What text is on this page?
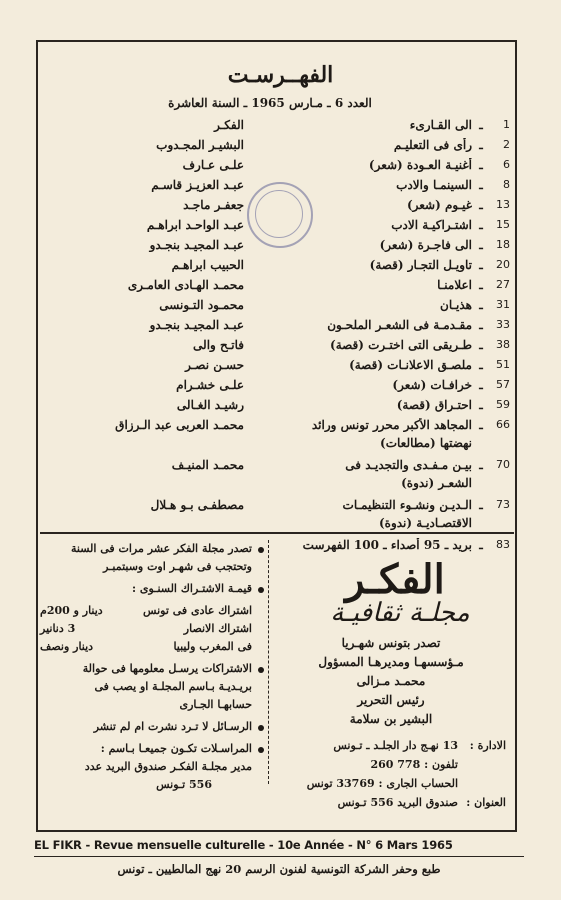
الفهــرسـت
العدد 6 ـ مـارس 1965 ـ السنة العاشرة
1
ـ
الى القـارىء
الفكـر
2
ـ
رأى فى التعليـم
البشيـر المجـدوب
6
ـ
أغنيـة العـودة (شعر)
علـى عـارف
8
ـ
السينمـا والادب
عبـد العزيـز قاسـم
13
ـ
غيـوم (شعر)
جعفـر ماجـد
15
ـ
اشتـراكيـة الادب
عبـد الواحـد ابراهـم
18
ـ
الى فاجـرة (شعر)
عبـد المجيـد بنجـدو
20
ـ
تاويـل التجـار (قصة)
الحبيب ابراهـم
27
ـ
اعلامنـا
محمـد الهـادى العامـرى
31
ـ
هذيـان
محمـود التـونسى
33
ـ
مقـدمـة فى الشعـر الملحـون
عبـد المجيـد بنجـدو
38
ـ
طـريقى التى اختـرت (قصة)
فاتـح والى
51
ـ
ملصـق الاعلانـات (قصة)
حسـن نصـر
57
ـ
خرافـات (شعر)
علـى خشـرام
59
ـ
احتـراق (قصة)
رشيـد الغـالى
66
ـ
المجاهد الأكبر محرر تونس ورائد
نهضتها (مطالعات)
محمـد العربى عبد الـرزاق
70
ـ
بيـن مـفـدى والتجديـد فى
الشعـر (ندوة)
محمـد المنيـف
73
ـ
الـديـن ونشـوء التنظيمـات
الاقتصـاديـة (ندوة)
مصطفـى بـو هـلال
83
ـ
بريد ـ 95 أصداء ـ 100 الفهرست
تصدر مجلة الفكر عشر مرات فى السنة
وتحتجب فى شهـر اوت وسبتمبـر
قيمـة الاشتـراك السنـوى :
اشتراك عادى فى تونس
دينار و 200م
اشتراك الانصار
3 دنانير
فى المغرب وليبيا
دينار ونصف
الاشتراكات يرسـل معلومها فى حوالة
بريـديـة بـاسم المجلـة او يصب فى
حسابهـا الجـارى
الرسـائل لا تـرد نشرت ام لم تنشر
المراسـلات تكـون جميعـا بـاسم :
مدير مجلـة الفكـر صندوق البريد عدد
556 تـونس
الفكـر
مجلـة ثقافيـة
تصدر بتونس شهـريا
مـؤسسهـا ومديرهـا المسؤول
محمـد مـزالى
رئيس التحرير
البشير بن سلامة
الادارة :
13 نهـج دار الجلـد ـ تـونس
تلفون : 778 260
الحساب الجارى : 33769 تونس
العنوان :
صندوق البريد 556 تـونس
EL FIKR - Revue mensuelle culturelle - 10e Année - N° 6 Mars 1965
طبع وحفر الشركة التونسية لفنون الرسم 20 نهج المالطيين ـ تونس
